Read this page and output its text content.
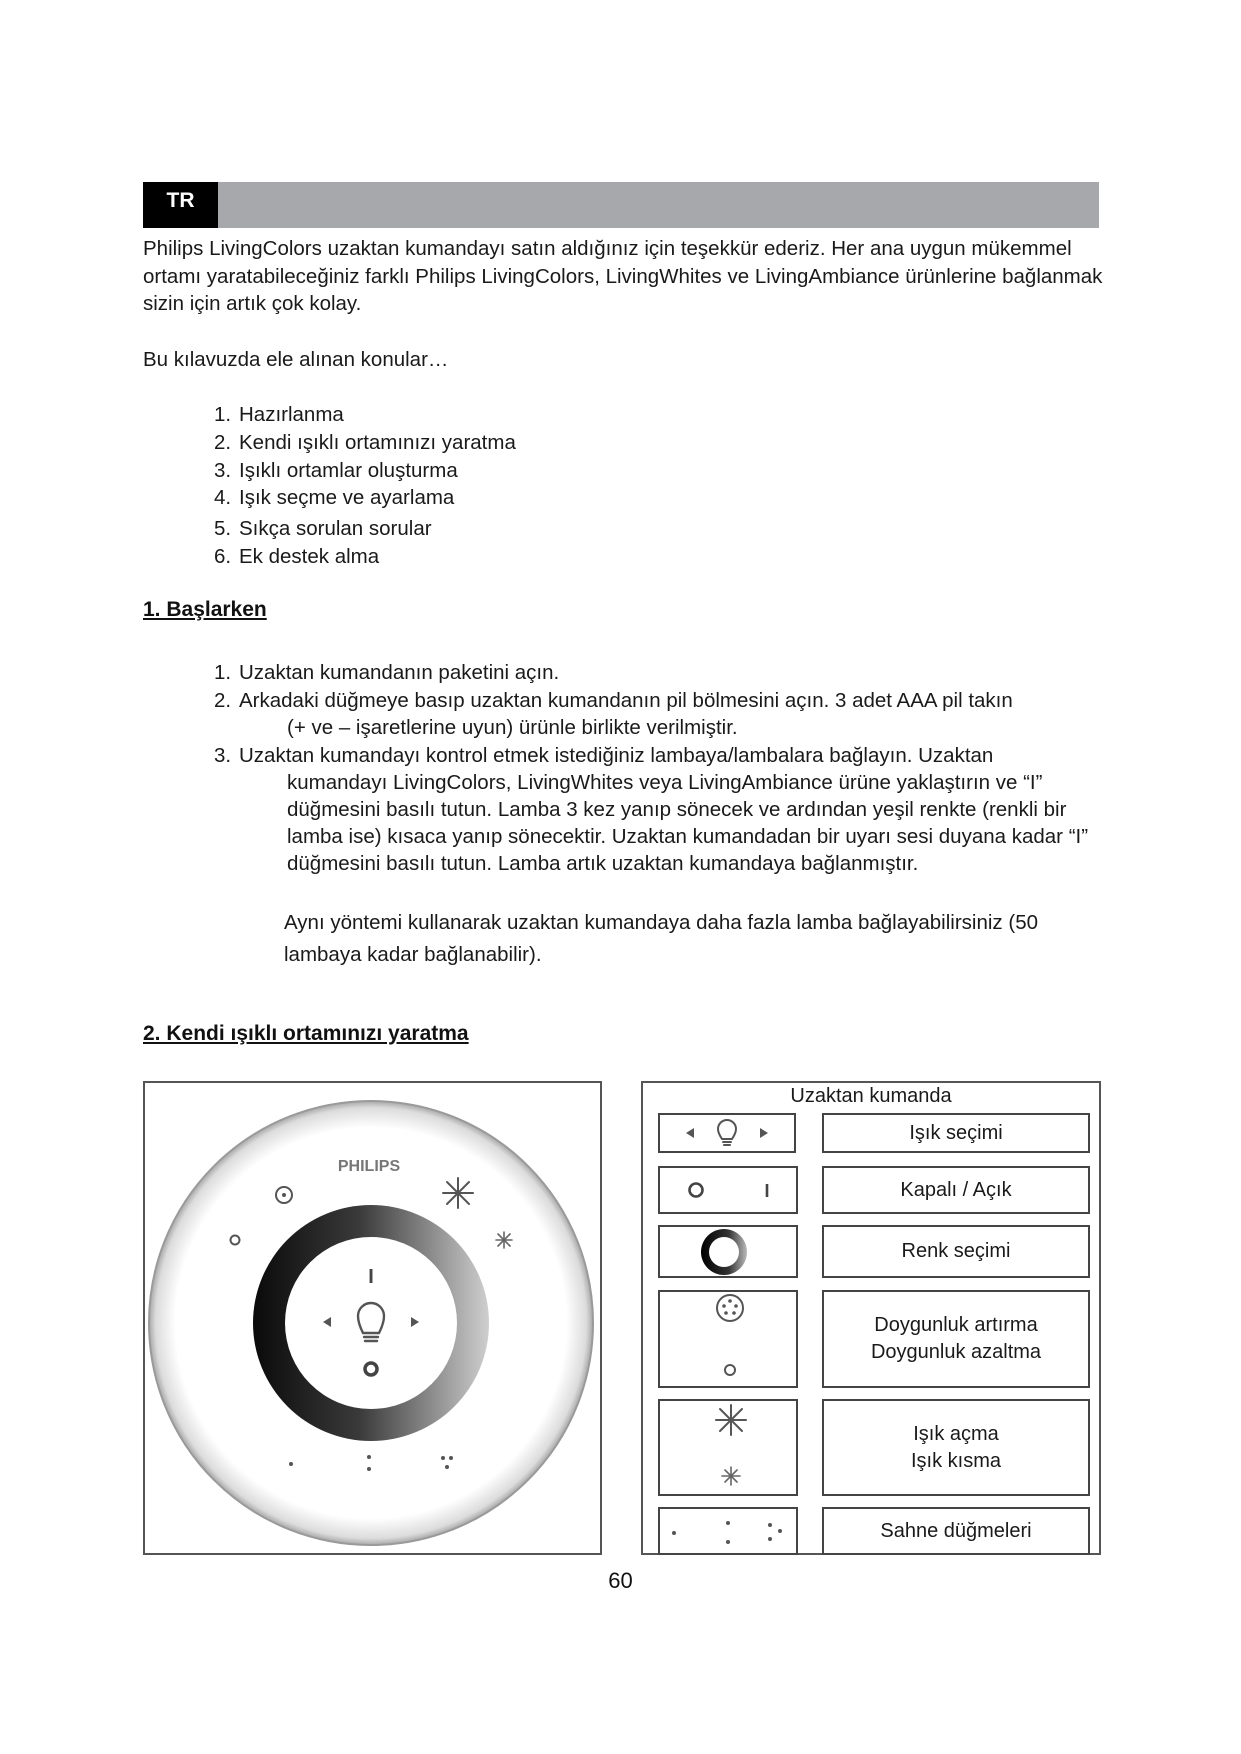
TR
Philips LivingColors uzaktan kumandayı satın aldığınız için teşekkür ederiz. Her ana uygun mükemmel ortamı yaratabileceğiniz farklı Philips LivingColors, LivingWhites ve LivingAmbiance ürünlerine bağlanmak sizin için artık çok kolay.
Bu kılavuzda ele alınan konular…
1. Hazırlanma
2. Kendi ışıklı ortamınızı yaratma
3. Işıklı ortamlar oluşturma
4. Işık seçme ve ayarlama
5. Sıkça sorulan sorular
6. Ek destek alma
1. Başlarken
1. Uzaktan kumandanın paketini açın.
2. Arkadaki düğmeye basıp uzaktan kumandanın pil bölmesini açın. 3 adet AAA pil takın
(+ ve – işaretlerine uyun) ürünle birlikte verilmiştir.
3. Uzaktan kumandayı kontrol etmek istediğiniz lambaya/lambalara bağlayın. Uzaktan
kumandayı LivingColors, LivingWhites veya LivingAmbiance ürüne yaklaştırın ve “I” düğmesini basılı tutun. Lamba 3 kez yanıp sönecek ve ardından yeşil renkte (renkli bir lamba ise) kısaca yanıp sönecektir. Uzaktan kumandadan bir uyarı sesi duyana kadar “I” düğmesini basılı tutun. Lamba artık uzaktan kumandaya bağlanmıştır.
Aynı yöntemi kullanarak uzaktan kumandaya daha fazla lamba bağlayabilirsiniz (50 lambaya kadar bağlanabilir).
2. Kendi ışıklı ortamınızı yaratma
PHILIPS
I
Uzaktan kumanda
Işık seçimi
I	Kapalı / Açık
Renk seçimi
Doygunluk artırma
Doygunluk azaltma
Işık açma
Işık kısma
Sahne düğmeleri
60
